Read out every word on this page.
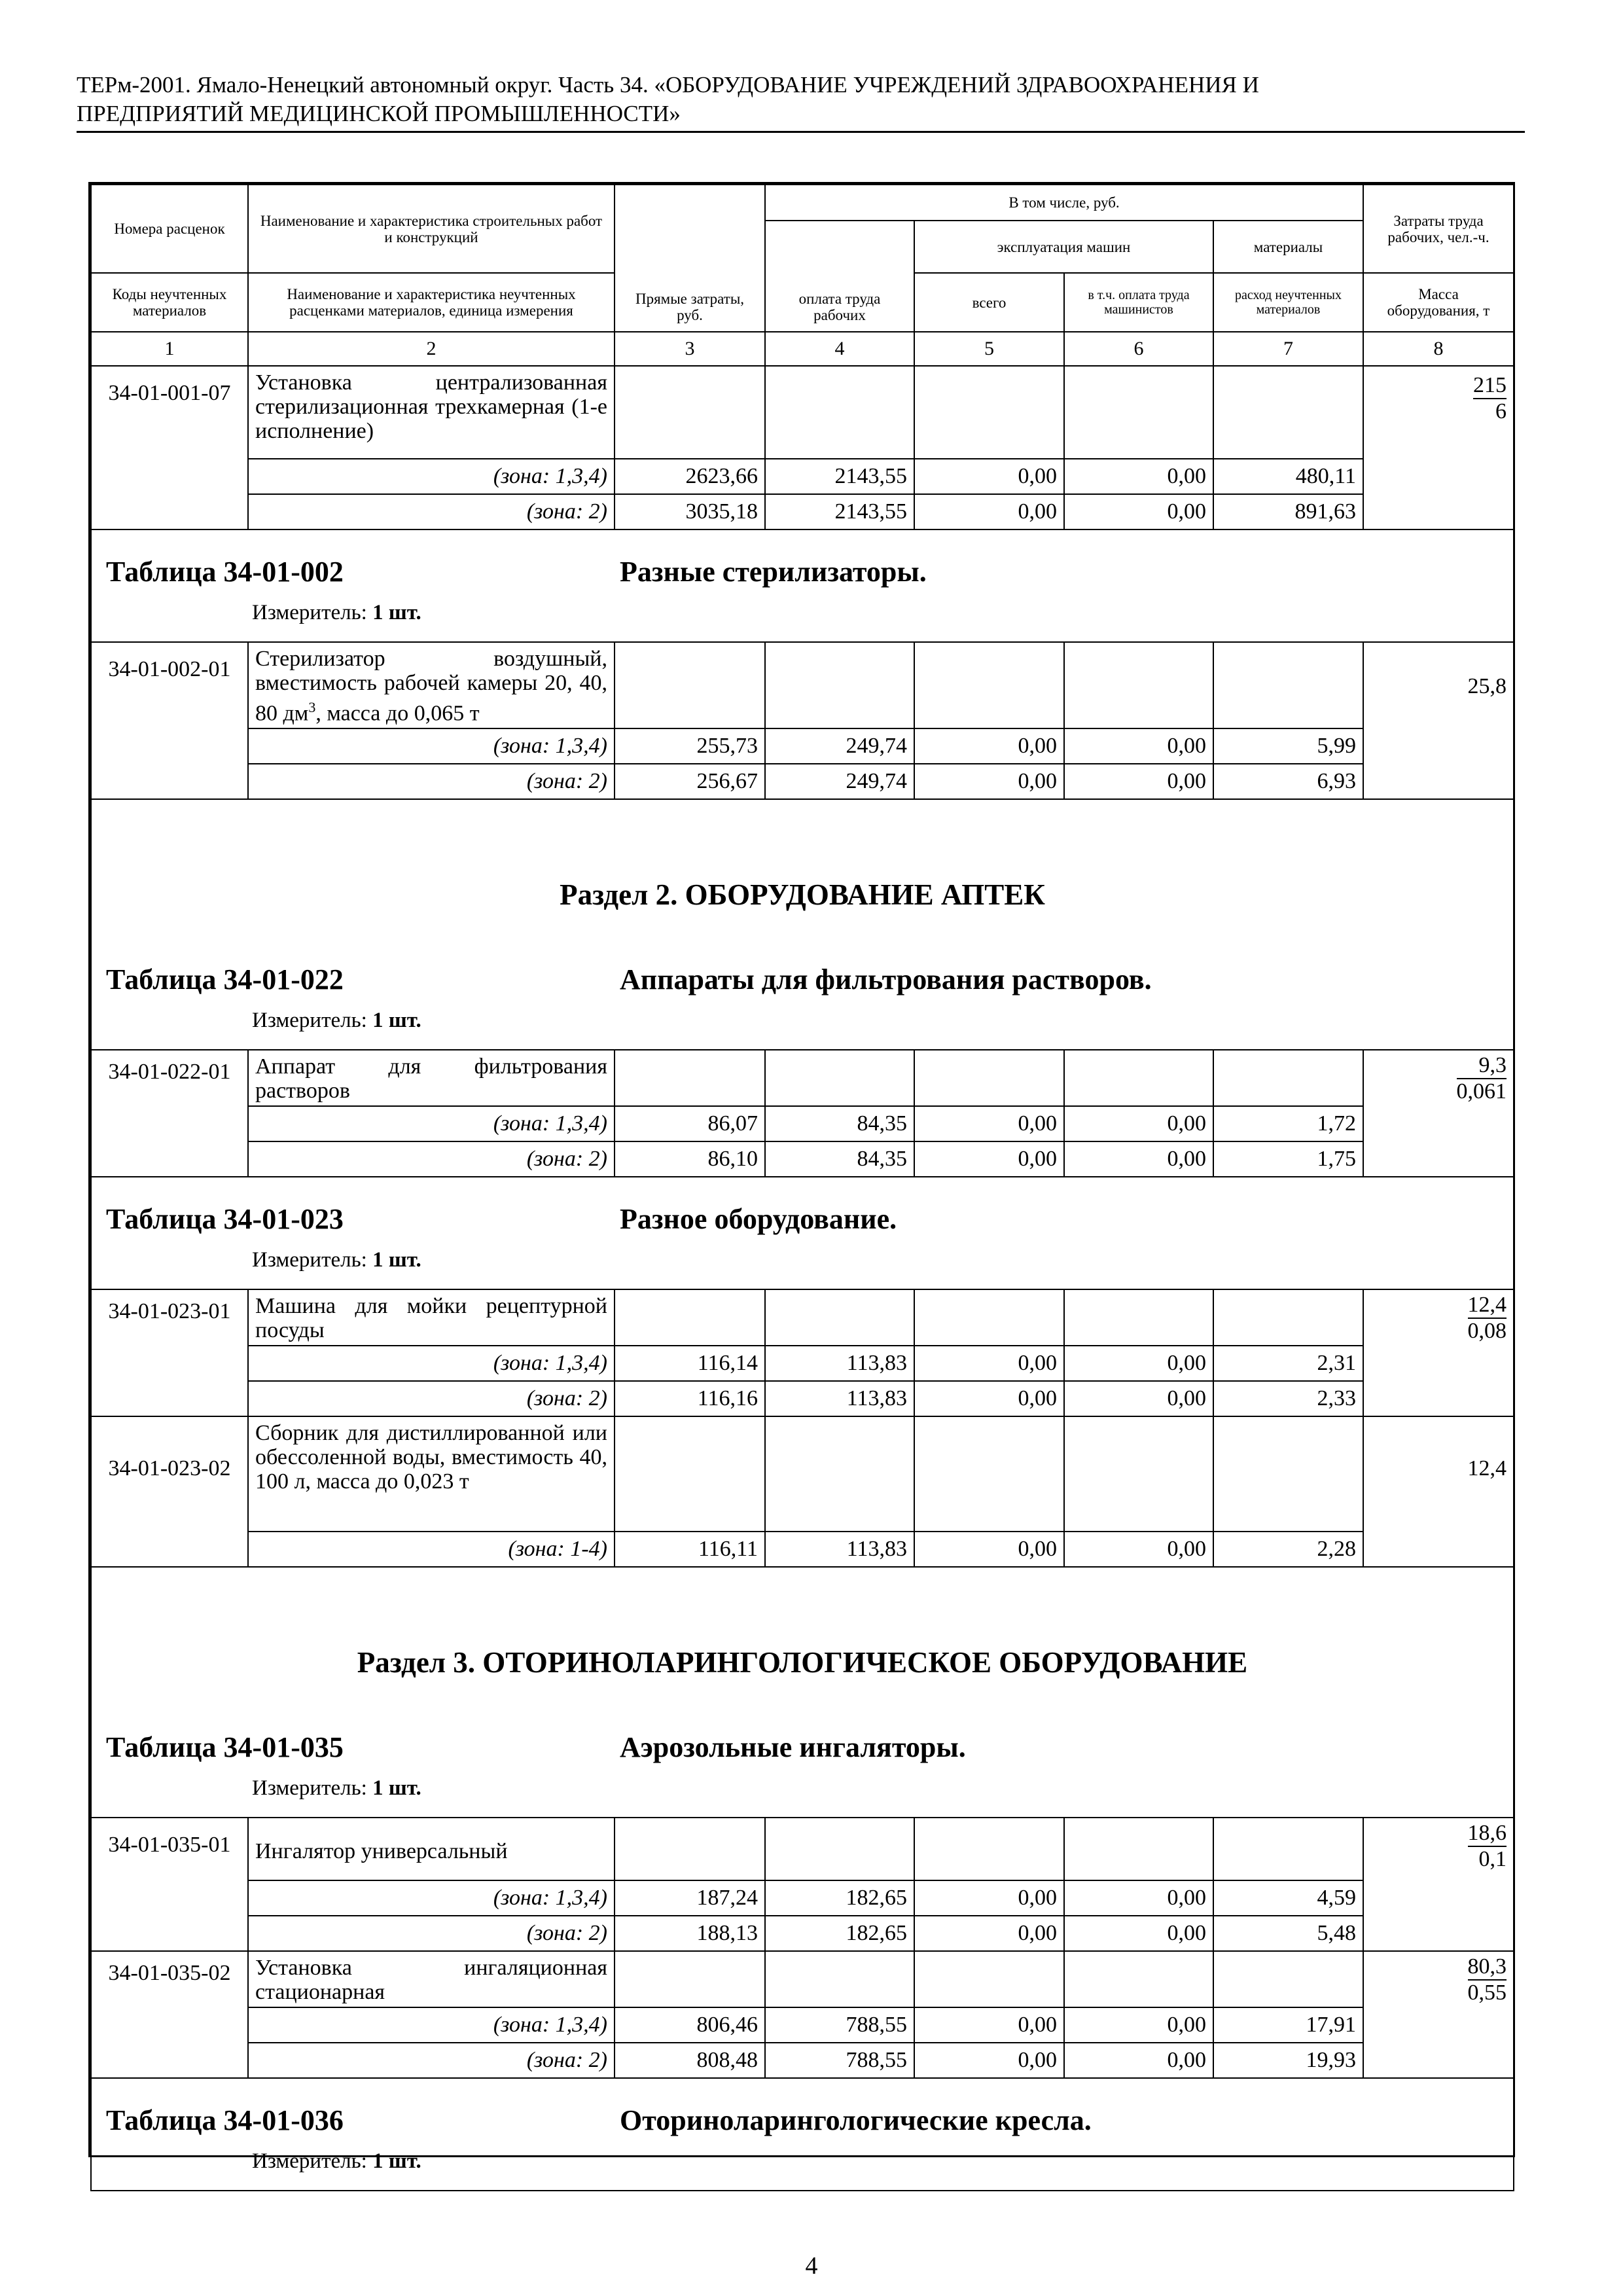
ТЕРм-2001. Ямало-Ненецкий автономный округ. Часть 34. «ОБОРУДОВАНИЕ УЧРЕЖДЕНИЙ ЗДРАВООХРАНЕНИЯ И
ПРЕДПРИЯТИЙ МЕДИЦИНСКОЙ ПРОМЫШЛЕННОСТИ»
Номера расценок	Наименование и характеристика строительных работ и конструкций	Прямые затраты, руб.	В том числе, руб.				Затраты труда рабочих, чел.-ч.
			оплата труда рабочих	эксплуатация машин		материалы	
Коды неучтенных материалов	Наименование и характеристика неучтенных расценками материалов, единица измерения			всего	в т.ч. оплата труда машинистов	расход неучтенных материалов	Масса оборудования, т
1	2	3	4	5	6	7	8
34-01-001-07	Установка централизованная стерилизационная трехкамерная (1-е исполнение)						$\frac{215}{6}$

	(зона: 1,3,4)	2623,66	2143,55	0,00	0,00	480,11	
	(зона: 2)	3035,18	2143,55	0,00	0,00	891,63	
Таблица 34-01-002 Разные стерилизаторы.							
Измеритель: 1 шт.							
34-01-002-01	Стерилизатор воздушный, вместимость рабочей камеры 20, 40, 80 $дм^3$, масса до 0,065 т						25,8
	(зона: 1,3,4)	255,73	249,74	0,00	0,00	5,99	
	(зона: 2)	256,67	249,74	0,00	0,00	6,93	
Раздел 2. ОБОРУДОВАНИЕ АПТЕК							
Таблица 34-01-022 Аппараты для фильтрования растворов.							
Измеритель: 1 шт.							
34-01-022-01	Аппарат для фильтрования растворов						$\frac{9,3}{0,061}$

	(зона: 1,3,4)	86,07	84,35	0,00	0,00	1,72	
	(зона: 2)	86,10	84,35	0,00	0,00	1,75	
Таблица 34-01-023 Разное оборудование.							
Измеритель: 1 шт.							
34-01-023-01	Машина для мойки рецептурной посуды						$\frac{12,4}{0,08}$

	(зона: 1,3,4)	116,14	113,83	0,00	0,00	2,31	
	(зона: 2)	116,16	113,83	0,00	0,00	2,33	
34-01-023-02	Сборник для дистиллированной или обессоленной воды, вместимость 40, 100 л, масса до 0,023 т						12,4
	(зона: 1-4)	116,11	113,83	0,00	0,00	2,28	
Раздел 3. ОТОРИНОЛАРИНГОЛОГИЧЕСКОЕ ОБОРУДОВАНИЕ							
Таблица 34-01-035 Аэрозольные ингаляторы.							
Измеритель: 1 шт.							
34-01-035-01	Ингалятор универсальный						$\frac{18,6}{0,1}$

	(зона: 1,3,4)	187,24	182,65	0,00	0,00	4,59	
	(зона: 2)	188,13	182,65	0,00	0,00	5,48	
34-01-035-02	Установка ингаляционная стационарная						$\frac{80,3}{0,55}$

	(зона: 1,3,4)	806,46	788,55	0,00	0,00	17,91	
	(зона: 2)	808,48	788,55	0,00	0,00	19,93	
Таблица 34-01-036 Оториноларингологические кресла.							
Измеритель: 1 шт.							
4
